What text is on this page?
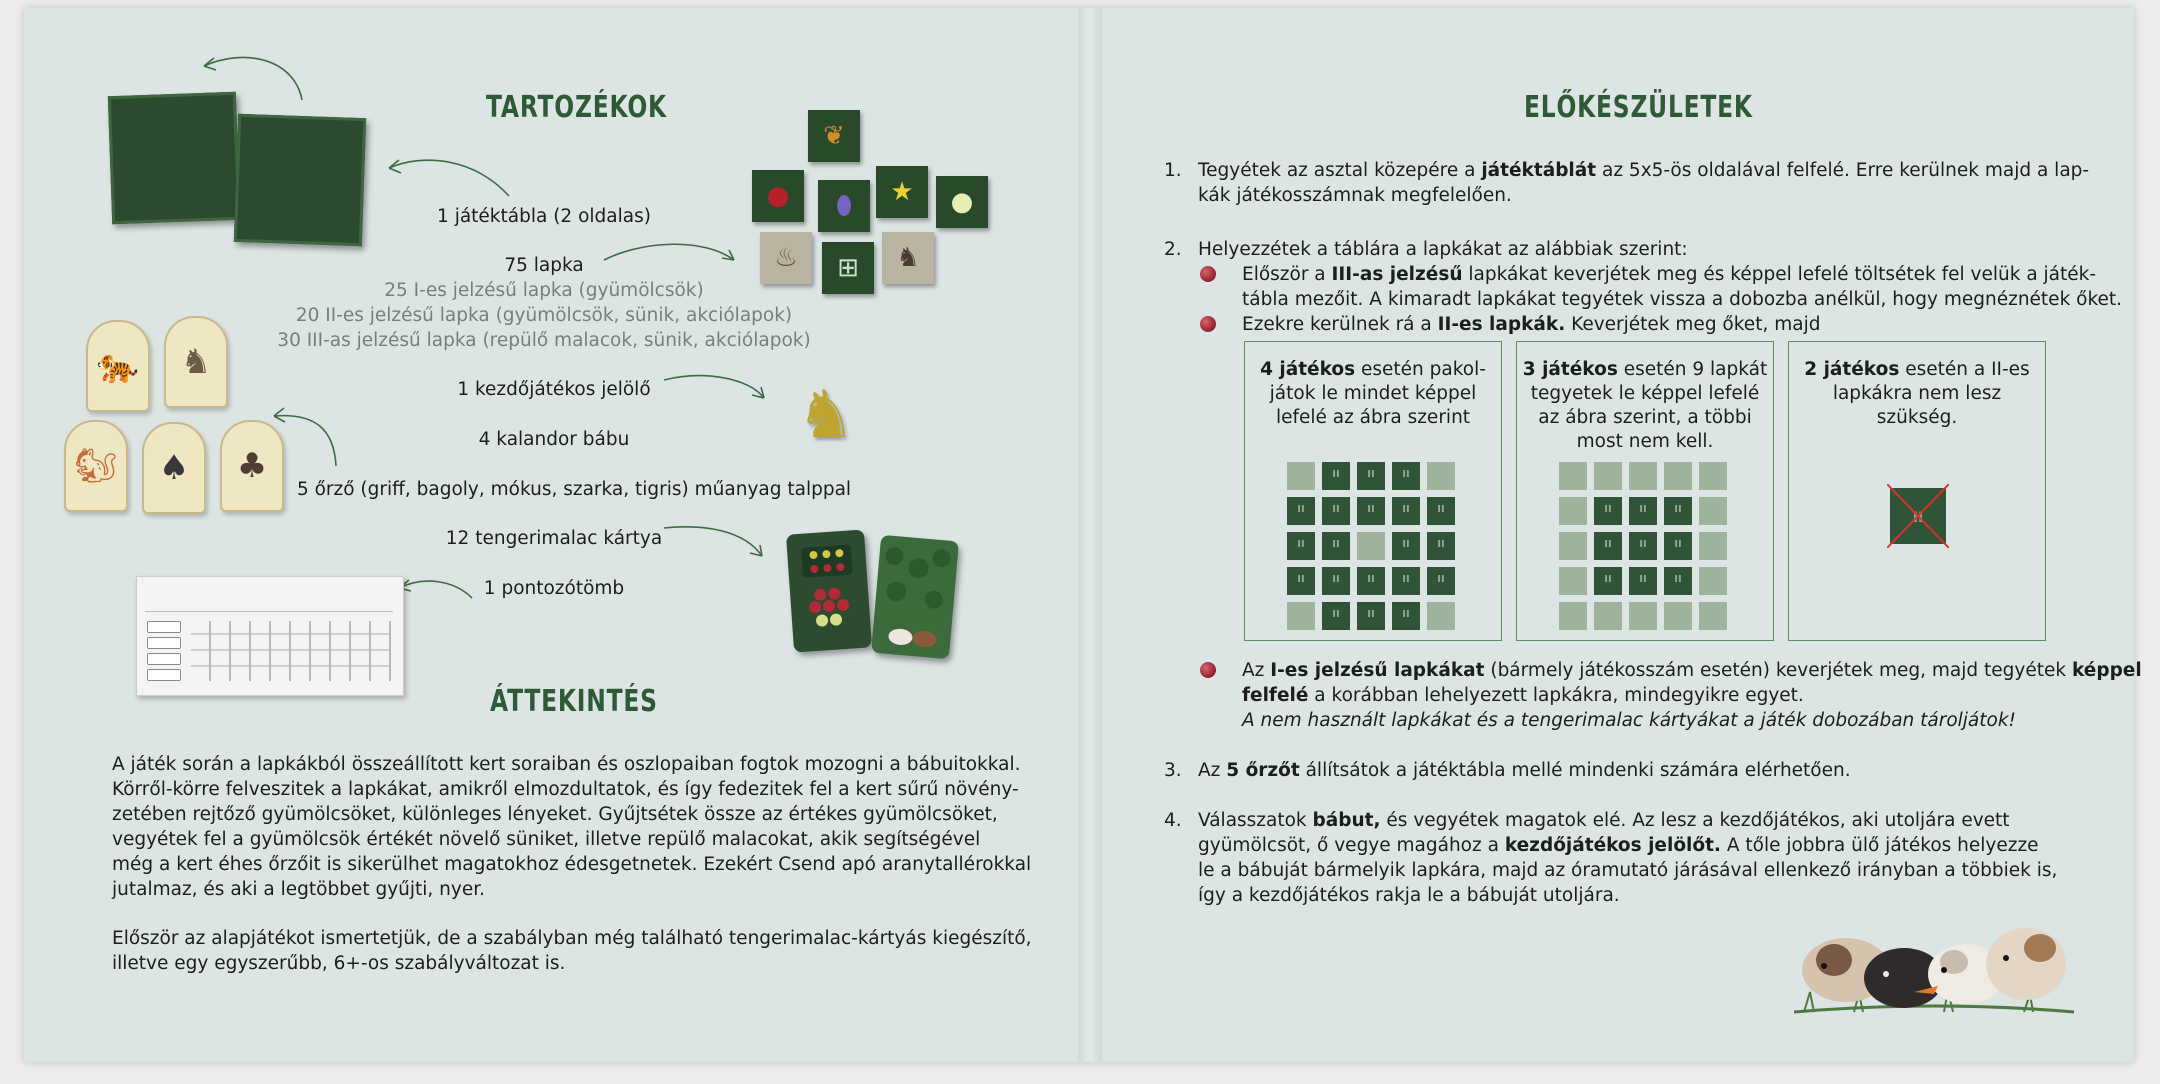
TARTOZÉKOK
1 játéktábla (2 oldalas)
75 lapka
25 I-es jelzésű lapka (gyümölcsök)
20 II-es jelzésű lapka (gyümölcsök, sünik, akciólapok)
30 III-as jelzésű lapka (repülő malacok, sünik, akciólapok)
1 kezdőjátékos jelölő
4 kalandor bábu
5 őrző (griff, bagoly, mókus, szarka, tigris) műanyag talppal
12 tengerimalac kártya
1 pontozótömb
❦
●	⬮	★	●
♨	⊞	♞
♞
🐅	♞
🐿	♠	♣
ÁTTEKINTÉS

A játék során a lapkákból összeállított kert soraiban és oszlopaiban fogtok mozogni a bábuitokkal.

Körről-körre felveszitek a lapkákat, amikről elmozdultatok, és így fedezitek fel a kert sűrű növény-

zetében rejtőző gyümölcsöket, különleges lényeket. Gyűjtsétek össze az értékes gyümölcsöket,

vegyétek fel a gyümölcsök értékét növelő süniket, illetve repülő malacokat, akik segítségével

még a kert éhes őrzőit is sikerülhet magatokhoz édesgetnetek. Ezekért Csend apó aranytallérokkal

jutalmaz, és aki a legtöbbet gyűjti, nyer.

Először az alapjátékot ismertetjük, de a szabályban még található tengerimalac-kártyás kiegészítő,

illetve egy egyszerűbb, 6+-os szabályváltozat is.

ELŐKÉSZÜLETEK
1. Tegyétek az asztal közepére a játéktáblát az 5x5-ös oldalával felfelé. Erre kerülnek majd a lap-

kák játékosszámnak megfelelően.

2. Helyezzétek a táblára a lapkákat az alábbiak szerint:

Először a III-as jelzésű lapkákat keverjétek meg és képpel lefelé töltsétek fel velük a játék-

tábla mezőit. A kimaradt lapkákat tegyétek vissza a dobozba anélkül, hogy megnéznétek őket.

Ezekre kerülnek rá a II-es lapkák. Keverjétek meg őket, majd

4 játékos esetén pakol-
játok le mindet képpel
lefelé az ábra szerint
II
II
II
II
II
II
II
II
II
II
II
II
II
II
II
II
II
II
II
II
3 játékos esetén 9 lapkát
tegyetek le képpel lefelé
az ábra szerint, a többi
most nem kell.
II
II
II
II
II
II
II
II
II
2 játékos esetén a II-es
lapkákra nem lesz szükség.
II

Az I-es jelzésű lapkákat (bármely játékosszám esetén) keverjétek meg, majd tegyétek képpel

felfelé a korábban lehelyezett lapkákra, mindegyikre egyet.

A nem használt lapkákat és a tengerimalac kártyákat a játék dobozában tároljátok!

3. Az 5 őrzőt állítsátok a játéktábla mellé mindenki számára elérhetően.

4. Válasszatok bábut, és vegyétek magatok elé. Az lesz a kezdőjátékos, aki utoljára evett

gyümölcsöt, ő vegye magához a kezdőjátékos jelölőt. A tőle jobbra ülő játékos helyezze

le a bábuját bármelyik lapkára, majd az óramutató járásával ellenkező irányban a többiek is,

így a kezdőjátékos rakja le a bábuját utoljára.
